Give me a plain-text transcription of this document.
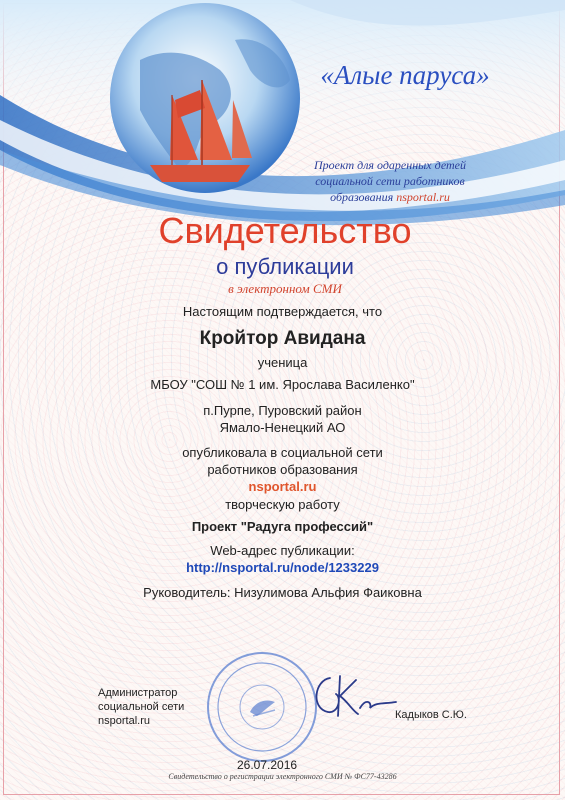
«Алые паруса»
Проект для одаренных детей
социальной сети работников
образования nsportal.ru
Свидетельство
о публикации
в электронном СМИ
Настоящим подтверждается, что
Кройтор Авидана
ученица
МБОУ "СОШ № 1 им. Ярослава Василенко"
п.Пурпе, Пуровский район
Ямало-Ненецкий АО
опубликовала в социальной сети
работников образования
nsportal.ru
творческую работу
Проект "Радуга профессий"
Web-адрес публикации:
http://nsportal.ru/node/1233229
Руководитель: Низулимова Альфия Фаиковна
Администратор
социальной сети
nsportal.ru	Кадыков С.Ю.
26.07.2016
Свидетельство о регистрации электронного СМИ № ФС77-43286
